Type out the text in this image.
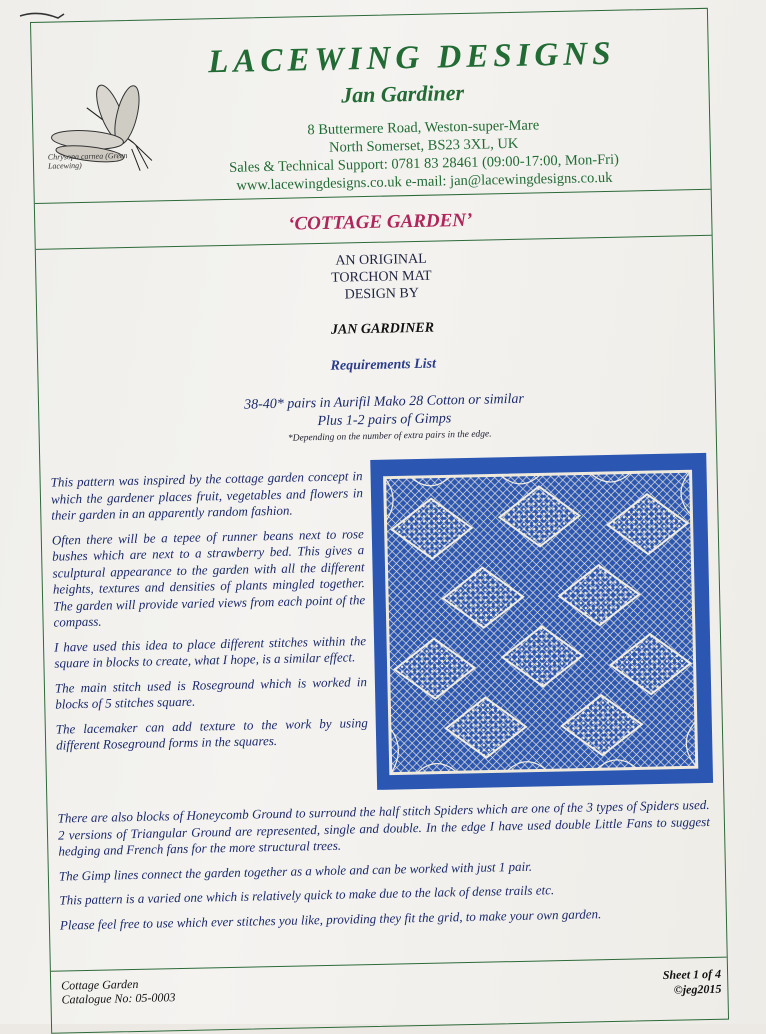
Chrysopa carnea (Green Lacewing)
LACEWING DESIGNS
Jan Gardiner
8 Buttermere Road, Weston-super-Mare
North Somerset, BS23 3XL, UK
Sales & Technical Support: 0781 83 28461 (09:00-17:00, Mon-Fri)
www.lacewingdesigns.co.uk e-mail: jan@lacewingdesigns.co.uk
‘COTTAGE GARDEN’
AN ORIGINAL
TORCHON MAT
DESIGN BY
JAN GARDINER
Requirements List
38-40* pairs in Aurifil Mako 28 Cotton or similar
Plus 1-2 pairs of Gimps
*Depending on the number of extra pairs in the edge.

This pattern was inspired by the cottage garden concept in which the gardener places fruit, vegetables and flowers in their garden in an apparently random fashion.

Often there will be a tepee of runner beans next to rose bushes which are next to a strawberry bed. This gives a sculptural appearance to the garden with all the different heights, textures and densities of plants mingled together. The garden will provide varied views from each point of the compass.

I have used this idea to place different stitches within the square in blocks to create, what I hope, is a similar effect.

The main stitch used is Roseground which is worked in blocks of 5 stitches square.

The lacemaker can add texture to the work by using different Roseground forms in the squares.

There are also blocks of Honeycomb Ground to surround the half stitch Spiders which are one of the 3 types of Spiders used. 2 versions of Triangular Ground are represented, single and double. In the edge I have used double Little Fans to suggest hedging and French fans for the more structural trees.

The Gimp lines connect the garden together as a whole and can be worked with just 1 pair.

This pattern is a varied one which is relatively quick to make due to the lack of dense trails etc.

Please feel free to use which ever stitches you like, providing they fit the grid, to make your own garden.

Cottage Garden
Catalogue No: 05-0003
Sheet 1 of 4
©jeg2015
